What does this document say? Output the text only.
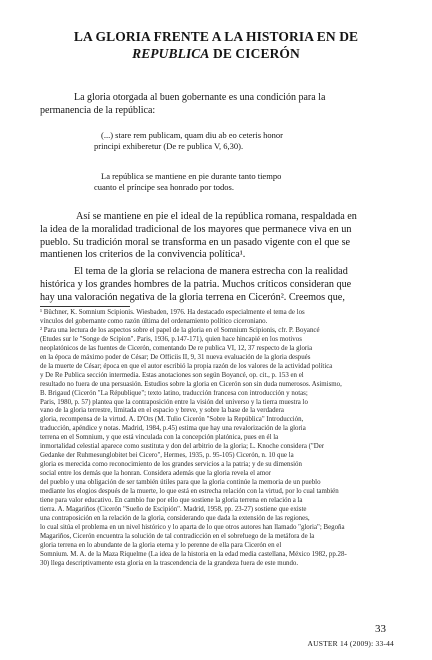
LA GLORIA FRENTE A LA HISTORIA EN DE
REPUBLICA DE CICERÓN

La gloria otorgada al buen gobernante es una condición para la
permanencia de la república:

(...) stare rem publicam, quam diu ab eo ceteris honor

principi exhiberetur (De re publica V, 6,30).

La república se mantiene en pie durante tanto tiempo

cuanto el príncipe sea honrado por todos.

Así se mantiene en pie el ideal de la república romana, respaldada en
la idea de la moralidad tradicional de los mayores que permanece viva en un
pueblo. Su tradición moral se transforma en un pasado vigente con el que se
mantienen los criterios de la convivencia política¹.

El tema de la gloria se relaciona de manera estrecha con la realidad
histórica y los grandes hombres de la patria. Muchos críticos consideran que
hay una valoración negativa de la gloria terrena en Cicerón². Creemos que,

¹ Büchner, K. Somnium Scipionis. Wiesbaden, 1976. Ha destacado especialmente el tema de los
vínculos del gobernante como razón última del ordenamiento político ciceroniano.
² Para una lectura de los aspectos sobre el papel de la gloria en el Somnium Scipionis, cfr. P. Boyancé
(Études sur le "Songe de Scipion". Paris, 1936, p.147-171), quien hace hincapié en los motivos
neoplatónicos de las fuentes de Cicerón, comentando De re publica VI, 12, 37 respecto de la gloria
en la época de máximo poder de César; De Officiis II, 9, 31 nueva evaluación de la gloria después
de la muerte de César; época en que el autor escribió la propia razón de los valores de la actividad política
y De Re Publica sección intermedia. Estas anotaciones son según Boyancé, op. cit., p. 153 en el
resultado no fuera de una persuasión. Estudios sobre la gloria en Cicerón son sin duda numerosos. Asimismo,
B. Brigaud (Cicerón "La République"; texto latino, traducción francesa con introducción y notas;
Paris, 1980, p. 57) plantea que la contraposición entre la visión del universo y la tierra muestra lo
vano de la gloria terrestre, limitada en el espacio y breve, y sobre la base de la verdadera
gloria, recompensa de la virtud. A. D'Ors (M. Tulio Cicerón "Sobre la República" Introducción,
traducción, apéndice y notas. Madrid, 1984, p.45) estima que hay una revalorización de la gloria
terrena en el Somnium, y que está vinculada con la concepción platónica, pues en él la
inmortalidad celestial aparece como sustituta y don del arbitrio de la gloria; L. Knoche considera ("Der
Gedanke der Ruhmesunglobitet bei Cicero", Hermes, 1935, p. 95-105) Cicerón, n. 10 que la
gloria es merecida como reconocimiento de los grandes servicios a la patria; y de su dimensión
social entre los demás que la honran. Considera además que la gloria revela el amor
del pueblo y una obligación de ser también útiles para que la gloria continúe la memoria de un pueblo
mediante los elogios después de la muerte, lo que está en estrecha relación con la virtud, por lo cual también
tiene para valor educativo. En cambio fue por ello que sostiene la gloria terrena en relación a la
tierra. A. Magariños (Cicerón "Sueño de Escipión". Madrid, 1958, pp. 23-27) sostiene que existe
una contraposición en la relación de la gloria, considerando que dada la extensión de las regiones,
lo cual sitúa el problema en un nivel histórico y lo aparta de lo que otros autores han llamado "gloria"; Begoña
Magariños, Cicerón encuentra la solución de tal contradicción en el sobrefuego de la metáfora de la
gloria terrena en lo abundante de la gloria eterna y lo perenne de ella para Cicerón en el
Somnium. M. A. de la Maza Riquelme (La idea de la historia en la edad media castellana, México 1982, pp.28-
30) llega descriptivamente esta gloria en la trascendencia de la grandeza fuera de este mundo.
33
AUSTER 14 (2009): 33-44
